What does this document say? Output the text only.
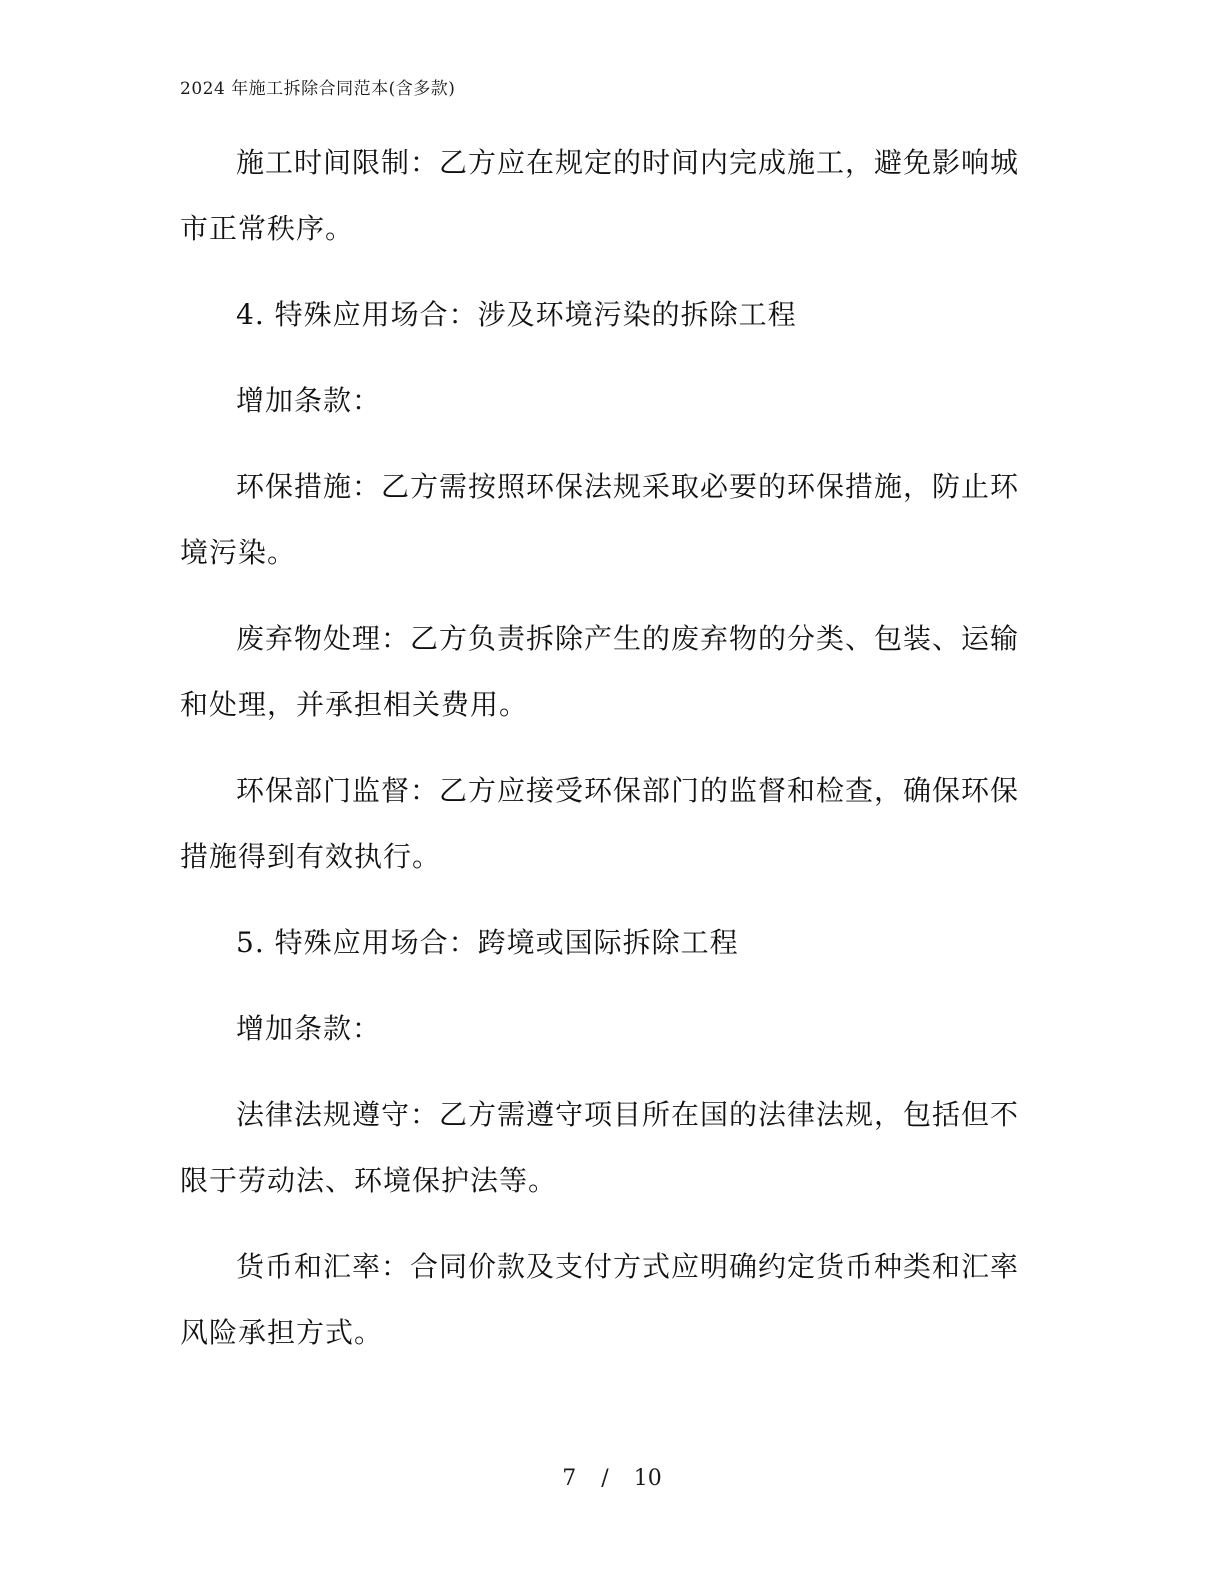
2024 年施工拆除合同范本(含多款)

施工时间限制：乙方应在规定的时间内完成施工，避免影响城市正常秩序。

4. 特殊应用场合：涉及环境污染的拆除工程

增加条款：

环保措施：乙方需按照环保法规采取必要的环保措施，防止环境污染。

废弃物处理：乙方负责拆除产生的废弃物的分类、包装、运输和处理，并承担相关费用。

环保部门监督：乙方应接受环保部门的监督和检查，确保环保措施得到有效执行。

5. 特殊应用场合：跨境或国际拆除工程

增加条款：

法律法规遵守：乙方需遵守项目所在国的法律法规，包括但不限于劳动法、环境保护法等。

货币和汇率：合同价款及支付方式应明确约定货币种类和汇率风险承担方式。

7 / 10
